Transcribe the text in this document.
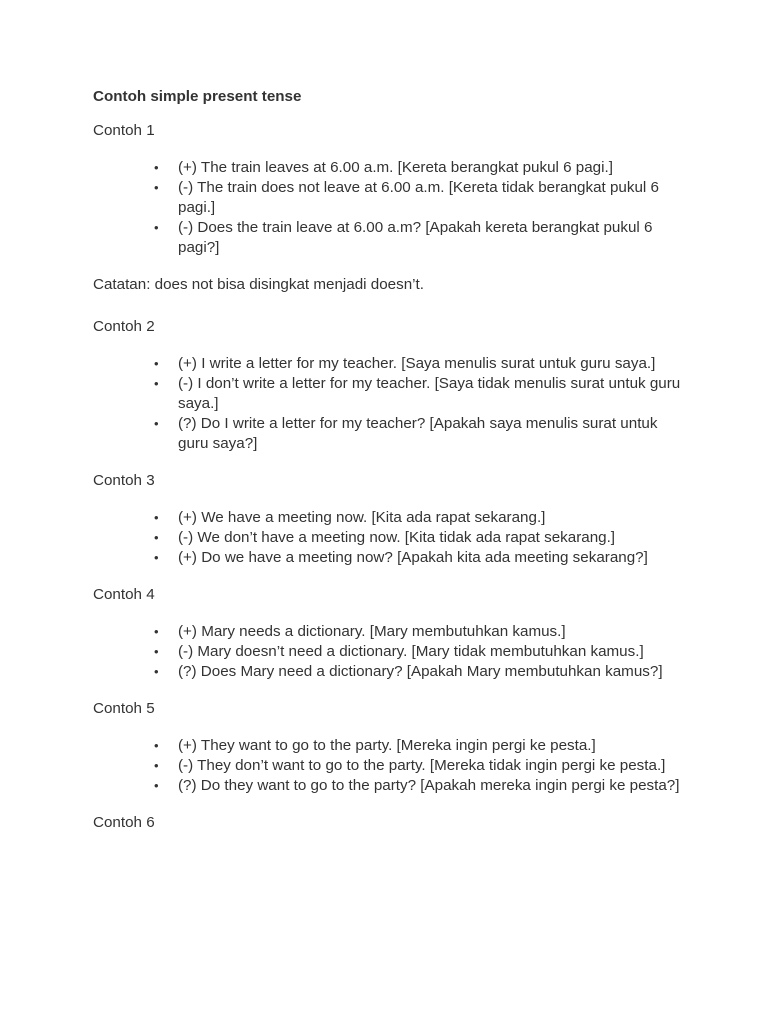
Contoh simple present tense
Contoh 1
• (+) The train leaves at 6.00 a.m. [Kereta berangkat pukul 6 pagi.]
• (-) The train does not leave at 6.00 a.m. [Kereta tidak berangkat pukul 6 pagi.]
• (-) Does the train leave at 6.00 a.m? [Apakah kereta berangkat pukul 6 pagi?]
Catatan: does not bisa disingkat menjadi doesn’t.
Contoh 2
• (+) I write a letter for my teacher. [Saya menulis surat untuk guru saya.]
• (-) I don’t write a letter for my teacher. [Saya tidak menulis surat untuk guru saya.]
• (?) Do I write a letter for my teacher? [Apakah saya menulis surat untuk guru saya?]
Contoh 3
• (+) We have a meeting now. [Kita ada rapat sekarang.]
• (-) We don’t have a meeting now. [Kita tidak ada rapat sekarang.]
• (+) Do we have a meeting now? [Apakah kita ada meeting sekarang?]
Contoh 4
• (+) Mary needs a dictionary. [Mary membutuhkan kamus.]
• (-) Mary doesn’t need a dictionary. [Mary tidak membutuhkan kamus.]
• (?) Does Mary need a dictionary? [Apakah Mary membutuhkan kamus?]
Contoh 5
• (+) They want to go to the party. [Mereka ingin pergi ke pesta.]
• (-) They don’t want to go to the party. [Mereka tidak ingin pergi ke pesta.]
• (?) Do they want to go to the party? [Apakah mereka ingin pergi ke pesta?]
Contoh 6
